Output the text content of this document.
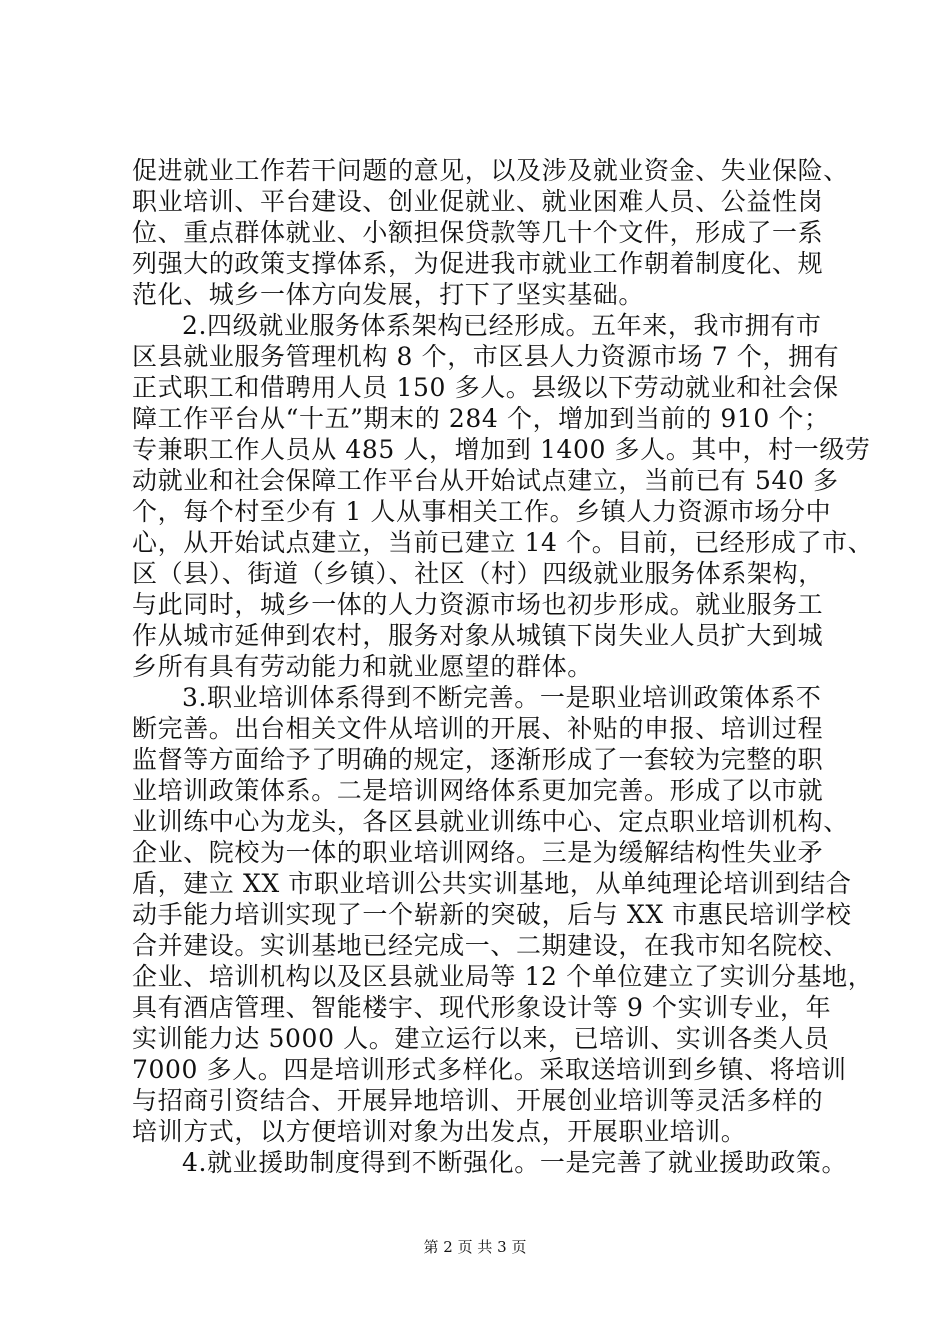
促进就业工作若干问题的意见，以及涉及就业资金、失业保险、
职业培训、平台建设、创业促就业、就业困难人员、公益性岗
位、重点群体就业、小额担保贷款等几十个文件，形成了一系
列强大的政策支撑体系，为促进我市就业工作朝着制度化、规
范化、城乡一体方向发展，打下了坚实基础。
2.四级就业服务体系架构已经形成。五年来，我市拥有市
区县就业服务管理机构 8 个，市区县人力资源市场 7 个，拥有
正式职工和借聘用人员 150 多人。县级以下劳动就业和社会保
障工作平台从“十五”期末的 284 个，增加到当前的 910 个；
专兼职工作人员从 485 人，增加到 1400 多人。其中，村一级劳
动就业和社会保障工作平台从开始试点建立，当前已有 540 多
个，每个村至少有 1 人从事相关工作。乡镇人力资源市场分中
心，从开始试点建立，当前已建立 14 个。目前，已经形成了市、
区（县）、街道（乡镇）、社区（村）四级就业服务体系架构，
与此同时，城乡一体的人力资源市场也初步形成。就业服务工
作从城市延伸到农村，服务对象从城镇下岗失业人员扩大到城
乡所有具有劳动能力和就业愿望的群体。
3.职业培训体系得到不断完善。一是职业培训政策体系不
断完善。出台相关文件从培训的开展、补贴的申报、培训过程
监督等方面给予了明确的规定，逐渐形成了一套较为完整的职
业培训政策体系。二是培训网络体系更加完善。形成了以市就
业训练中心为龙头，各区县就业训练中心、定点职业培训机构、
企业、院校为一体的职业培训网络。三是为缓解结构性失业矛
盾，建立 XX 市职业培训公共实训基地，从单纯理论培训到结合
动手能力培训实现了一个崭新的突破，后与 XX 市惠民培训学校
合并建设。实训基地已经完成一、二期建设，在我市知名院校、
企业、培训机构以及区县就业局等 12 个单位建立了实训分基地，
具有酒店管理、智能楼宇、现代形象设计等 9 个实训专业，年
实训能力达 5000 人。建立运行以来，已培训、实训各类人员
7000 多人。四是培训形式多样化。采取送培训到乡镇、将培训
与招商引资结合、开展异地培训、开展创业培训等灵活多样的
培训方式，以方便培训对象为出发点，开展职业培训。
4.就业援助制度得到不断强化。一是完善了就业援助政策。
第 2 页 共 3 页
